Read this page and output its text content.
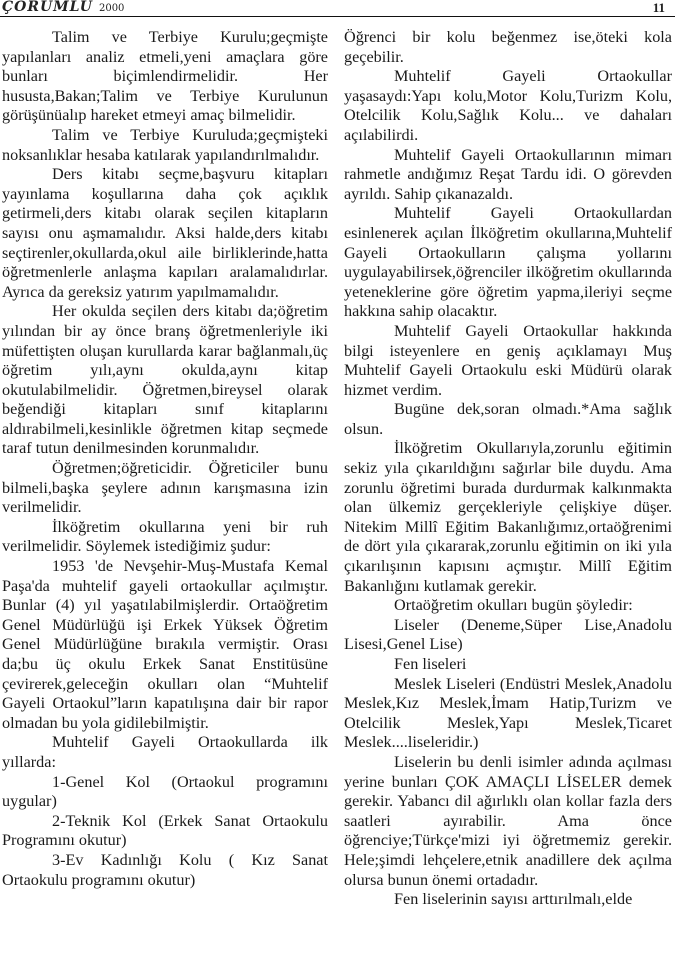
ÇORUMLU 2000	11

Talim ve Terbiye Kurulu;geçmişte yapılanları analiz etmeli,yeni amaçlara göre bunları biçimlendirmelidir. Her hususta,Bakan;Talim ve Terbiye Kurulunun görüşünüalıp hareket etmeyi amaç bilmelidir.

Talim ve Terbiye Kuruluda;geçmişteki noksanlıklar hesaba katılarak yapılandırılmalıdır.

Ders kitabı seçme,başvuru kitapları yayınlama koşullarına daha çok açıklık getirmeli,ders kitabı olarak seçilen kitapların sayısı onu aşmamalıdır. Aksi halde,ders kitabı seçtirenler,okullarda,okul aile birliklerinde,hatta öğretmenlerle anlaşma kapıları aralamalıdırlar. Ayrıca da gereksiz yatırım yapılmamalıdır.

Her okulda seçilen ders kitabı da;öğretim yılından bir ay önce branş öğretmenleriyle iki müfettişten oluşan kurullarda karar bağlanmalı,üç öğretim yılı,aynı okulda,aynı kitap okutulabilmelidir. Öğretmen,bireysel olarak beğendiği kitapları sınıf kitaplarını aldırabilmeli,kesinlikle öğretmen kitap seçmede taraf tutun denilmesinden korunmalıdır.

Öğretmen;öğreticidir. Öğreticiler bunu bilmeli,başka şeylere adının karışmasına izin verilmelidir.

İlköğretim okullarına yeni bir ruh verilmelidir. Söylemek istediğimiz şudur:

1953 'de Nevşehir-Muş-Mustafa Kemal Paşa'da muhtelif gayeli ortaokullar açılmıştır. Bunlar (4) yıl yaşatılabilmişlerdir. Ortaöğretim Genel Müdürlüğü işi Erkek Yüksek Öğretim Genel Müdürlüğüne bırakıla vermiştir. Orası da;bu üç okulu Erkek Sanat Enstitüsüne çevirerek,geleceğin okulları olan “Muhtelif Gayeli Ortaokul”ların kapatılışına dair bir rapor olmadan bu yola gidilebilmiştir.

Muhtelif Gayeli Ortaokullarda ilk yıllarda:

1-Genel Kol (Ortaokul programını uygular)

2-Teknik Kol (Erkek Sanat Ortaokulu Programını okutur)

3-Ev Kadınlığı Kolu ( Kız Sanat Ortaokulu programını okutur)

Öğrenci bir kolu beğenmez ise,öteki kola geçebilir.

Muhtelif Gayeli Ortaokullar yaşasaydı:Yapı kolu,Motor Kolu,Turizm Kolu, Otelcilik Kolu,Sağlık Kolu... ve dahaları açılabilirdi.

Muhtelif Gayeli Ortaokullarının mimarı rahmetle andığımız Reşat Tardu idi. O görevden ayrıldı. Sahip çıkanazaldı.

Muhtelif Gayeli Ortaokullardan esinlenerek açılan İlköğretim okullarına,Muhtelif Gayeli Ortaokulların çalışma yollarını uygulayabilirsek,öğrenciler ilköğretim okullarında yeteneklerine göre öğretim yapma,ileriyi seçme hakkına sahip olacaktır.

Muhtelif Gayeli Ortaokullar hakkında bilgi isteyenlere en geniş açıklamayı Muş Muhtelif Gayeli Ortaokulu eski Müdürü olarak hizmet verdim.

Bugüne dek,soran olmadı.*Ama sağlık olsun.

İlköğretim Okullarıyla,zorunlu eğitimin sekiz yıla çıkarıldığını sağırlar bile duydu. Ama zorunlu öğretimi burada durdurmak kalkınmakta olan ülkemiz gerçekleriyle çelişkiye düşer. Nitekim Millî Eğitim Bakanlığımız,ortaöğrenimi de dört yıla çıkararak,zorunlu eğitimin on iki yıla çıkarılışının kapısını açmıştır. Millî Eğitim Bakanlığını kutlamak gerekir.

Ortaöğretim okulları bugün şöyledir:

Liseler (Deneme,Süper Lise,Anadolu Lisesi,Genel Lise)

Fen liseleri

Meslek Liseleri (Endüstri Meslek,Anadolu Meslek,Kız Meslek,İmam Hatip,Turizm ve Otelcilik Meslek,Yapı Meslek,Ticaret Meslek....liseleridir.)

Liselerin bu denli isimler adında açılması yerine bunları ÇOK AMAÇLI LİSELER demek gerekir. Yabancı dil ağırlıklı olan kollar fazla ders saatleri ayırabilir. Ama önce öğrenciye;Türkçe'mizi iyi öğretmemiz gerekir. Hele;şimdi lehçelere,etnik anadillere dek açılma olursa bunun önemi ortadadır.

Fen liselerinin sayısı arttırılmalı,elde
